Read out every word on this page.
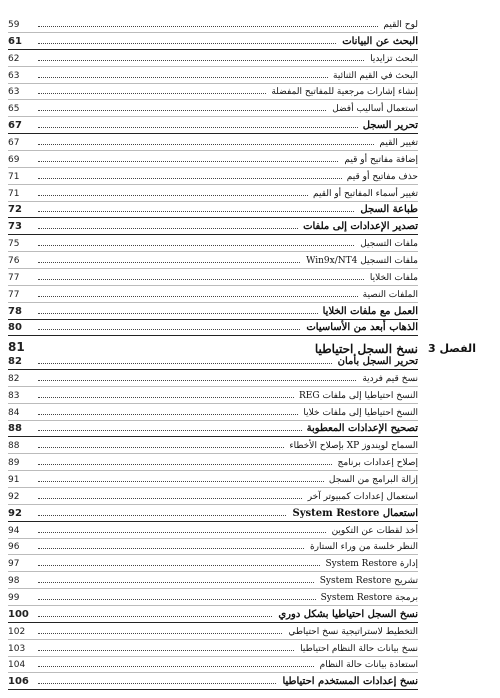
59	لوح القيم
61	البحث عن البيانات
62	البحث تزايديا
63	البحث في القيم الثنائية
63	إنشاء إشارات مرجعية للمفاتيح المفضلة
65	استعمال أساليب أفضل
67	تحرير السجل
67	تغيير القيم
69	إضافة مفاتيح أو قيم
71	حذف مفاتيح أو قيم
71	تغيير أسماء المفاتيح أو القيم
72	طباعة السجل
73	تصدير الإعدادات إلى ملفات
75	ملفات التسجيل
76	ملفات التسجيل Win9x/NT4
77	ملفات الخلايا
77	الملفات النصية
78	العمل مع ملفات الخلايا
80	الذهاب أبعد من الأساسيات
81	نسخ السجل احتياطيا
82	تحرير السجل بأمان
82	نسخ قيم فردية
83	النسخ احتياطيا إلى ملفات REG
84	النسخ احتياطيا إلى ملفات خلايا
88	تصحيح الإعدادات المعطوبة
88	السماح لويندوز XP بإصلاح الأخطاء
89	إصلاح إعدادات برنامج
91	إزالة البرامج من السجل
92	استعمال إعدادات كمبيوتر آخر
92	استعمال System Restore
94	أخذ لقطات عن التكوين
96	النظر خلسة من وراء الستارة
97	إدارة System Restore
98	تشريح System Restore
99	برمجة System Restore
100	نسخ السجل احتياطيا بشكل دوري
102	التخطيط لاستراتيجية نسخ احتياطي
103	نسخ بيانات حالة النظام احتياطيا
104	استعادة بيانات حالة النظام
106	نسخ إعدادات المستخدم احتياطيا
الفصل 3
